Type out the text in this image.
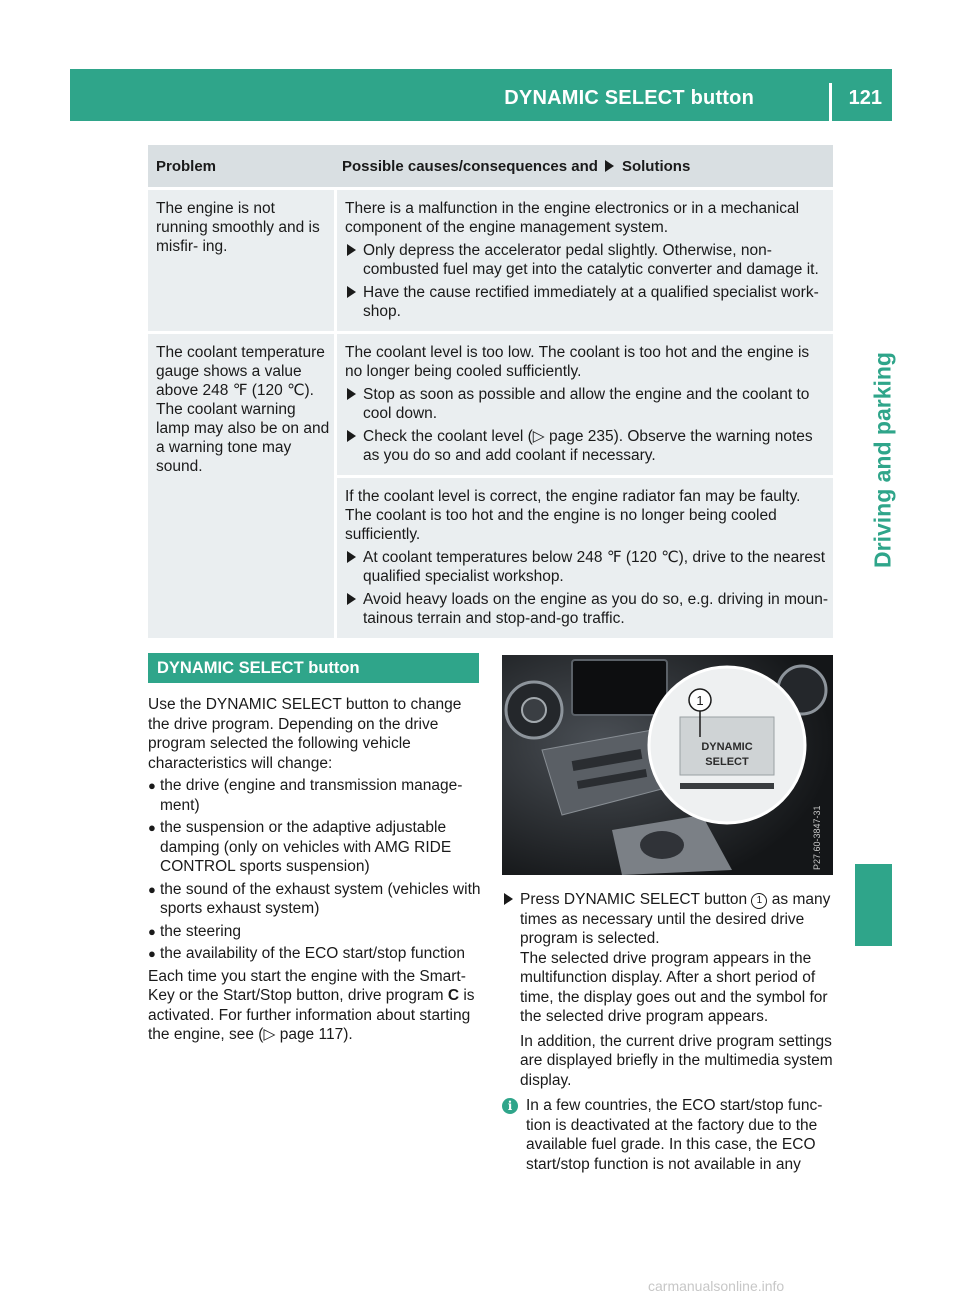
DYNAMIC SELECT button	121
Driving and parking
Problem	Possible causes/consequences and Solutions
The engine is not running smoothly and is misfir- ing.

There is a malfunction in the engine electronics or in a mechanical component of the engine management system.

Only depress the accelerator pedal slightly. Otherwise, non-combusted fuel may get into the catalytic converter and damage it.
Have the cause rectified immediately at a qualified specialist work- shop.
The coolant temperature gauge shows a value above 248 ℉ (120 ℃). The coolant warning lamp may also be on and a warning tone may sound.

The coolant level is too low. The coolant is too hot and the engine is no longer being cooled sufficiently.

Stop as soon as possible and allow the engine and the coolant to cool down.
Check the coolant level (▷ page 235). Observe the warning notes as you do so and add coolant if necessary.

If the coolant level is correct, the engine radiator fan may be faulty. The coolant is too hot and the engine is no longer being cooled sufficiently.

At coolant temperatures below 248 ℉ (120 ℃), drive to the nearest qualified specialist workshop.
Avoid heavy loads on the engine as you do so, e.g. driving in moun- tainous terrain and stop-and-go traffic.
DYNAMIC SELECT button
Use the DYNAMIC SELECT button to change the drive program. Depending on the drive program selected the following vehicle characteristics will change:
● the drive (engine and transmission manage- ment)
● the suspension or the adaptive adjustable damping (only on vehicles with AMG RIDE CONTROL sports suspension)
● the sound of the exhaust system (vehicles with sports exhaust system)
● the steering
● the availability of the ECO start/stop function
Each time you start the engine with the Smart- Key or the Start/Stop button, drive program C is activated. For further information about starting the engine, see (▷ page 117).
1
DYNAMIC
SELECT
P27.60-3847-31
Press DYNAMIC SELECT button 1 as many times as necessary until the desired drive program is selected.
The selected drive program appears in the multifunction display. After a short period of time, the display goes out and the symbol for the selected drive program appears.
In addition, the current drive program settings are displayed briefly in the multimedia system display.
i In a few countries, the ECO start/stop func- tion is deactivated at the factory due to the available fuel grade. In this case, the ECO start/stop function is not available in any
carmanualsonline.info
